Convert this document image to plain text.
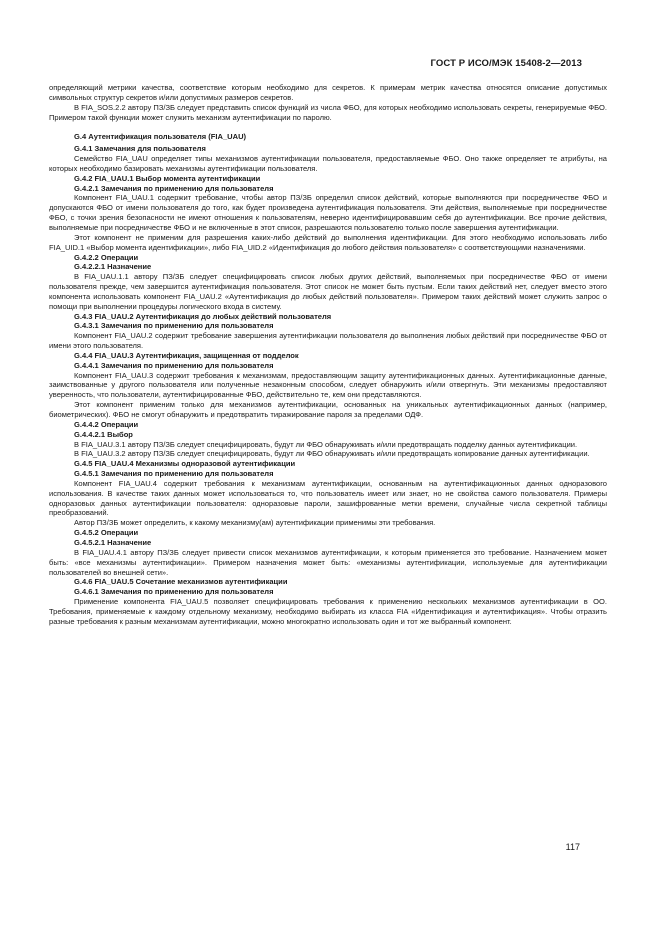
ГОСТ Р ИСО/МЭК 15408-2—2013

определяющий метрики качества, соответствие которым необходимо для секретов. К примерам метрик качества относятся описание допустимых символьных структур секретов и/или допустимых размеров секретов.

В FIA_SOS.2.2 автору ПЗ/ЗБ следует представить список функций из числа ФБО, для которых необходимо использовать секреты, генерируемые ФБО. Примером такой функции может служить механизм аутентификации по паролю.

G.4 Аутентификация пользователя (FIA_UAU)

G.4.1 Замечания для пользователя

Семейство FIA_UAU определяет типы механизмов аутентификации пользователя, предоставляемые ФБО. Оно также определяет те атрибуты, на которых необходимо базировать механизмы аутентификации пользователя.

G.4.2 FIA_UAU.1 Выбор момента аутентификации

G.4.2.1 Замечания по применению для пользователя

Компонент FIA_UAU.1 содержит требование, чтобы автор ПЗ/ЗБ определил список действий, которые выполняются при посредничестве ФБО и допускаются ФБО от имени пользователя до того, как будет произведена аутентификация пользователя. Эти действия, выполняемые при посредничестве ФБО, с точки зрения безопасности не имеют отношения к пользователям, неверно идентифицировавшим себя до аутентификации. Все прочие действия, выполняемые при посредничестве ФБО и не включенные в этот список, разрешаются пользователю только после завершения аутентификации.

Этот компонент не применим для разрешения каких-либо действий до выполнения идентификации. Для этого необходимо использовать либо FIA_UID.1 «Выбор момента идентификации», либо FIA_UID.2 «Идентификация до любого действия пользователя» с соответствующими назначениями.

G.4.2.2 Операции

G.4.2.2.1 Назначение

В FIA_UAU.1.1 автору ПЗ/ЗБ следует специфицировать список любых других действий, выполняемых при посредничестве ФБО от имени пользователя прежде, чем завершится аутентификация пользователя. Этот список не может быть пустым. Если таких действий нет, следует вместо этого компонента использовать компонент FIA_UAU.2 «Аутентификация до любых действий пользователя». Примером таких действий может служить запрос о помощи при выполнении процедуры логического входа в систему.

G.4.3 FIA_UAU.2 Аутентификация до любых действий пользователя

G.4.3.1 Замечания по применению для пользователя

Компонент FIA_UAU.2 содержит требование завершения аутентификации пользователя до выполнения любых действий при посредничестве ФБО от имени этого пользователя.

G.4.4 FIA_UAU.3 Аутентификация, защищенная от подделок

G.4.4.1 Замечания по применению для пользователя

Компонент FIA_UAU.3 содержит требования к механизмам, предоставляющим защиту аутентификационных данных. Аутентификационные данные, заимствованные у другого пользователя или полученные незаконным способом, следует обнаружить и/или отвергнуть. Эти механизмы предоставляют уверенность, что пользователи, аутентифицированные ФБО, действительно те, кем они представляются.

Этот компонент применим только для механизмов аутентификации, основанных на уникальных аутентификационных данных (например, биометрических). ФБО не смогут обнаружить и предотвратить тиражирование пароля за пределами ОДФ.

G.4.4.2 Операции

G.4.4.2.1 Выбор

В FIA_UAU.3.1 автору ПЗ/ЗБ следует специфицировать, будут ли ФБО обнаруживать и/или предотвращать подделку данных аутентификации.

В FIA_UAU.3.2 автору ПЗ/ЗБ следует специфицировать, будут ли ФБО обнаруживать и/или предотвращать копирование данных аутентификации.

G.4.5 FIA_UAU.4 Механизмы одноразовой аутентификации

G.4.5.1 Замечания по применению для пользователя

Компонент FIA_UAU.4 содержит требования к механизмам аутентификации, основанным на аутентификационных данных одноразового использования. В качестве таких данных может использоваться то, что пользователь имеет или знает, но не свойства самого пользователя. Примеры одноразовых данных аутентификации пользователя: одноразовые пароли, зашифрованные метки времени, случайные числа секретной таблицы преобразований.

Автор ПЗ/ЗБ может определить, к какому механизму(ам) аутентификации применимы эти требования.

G.4.5.2 Операции

G.4.5.2.1 Назначение

В FIA_UAU.4.1 автору ПЗ/ЗБ следует привести список механизмов аутентификации, к которым применяется это требование. Назначением может быть: «все механизмы аутентификации». Примером назначения может быть: «механизмы аутентификации, используемые для аутентификации пользователей во внешней сети».

G.4.6 FIA_UAU.5 Сочетание механизмов аутентификации

G.4.6.1 Замечания по применению для пользователя

Применение компонента FIA_UAU.5 позволяет специфицировать требования к применению нескольких механизмов аутентификации в ОО. Требования, применяемые к каждому отдельному механизму, необходимо выбирать из класса FIA «Идентификация и аутентификация». Чтобы отразить разные требования к разным механизмам аутентификации, можно многократно использовать один и тот же выбранный компонент.

117
